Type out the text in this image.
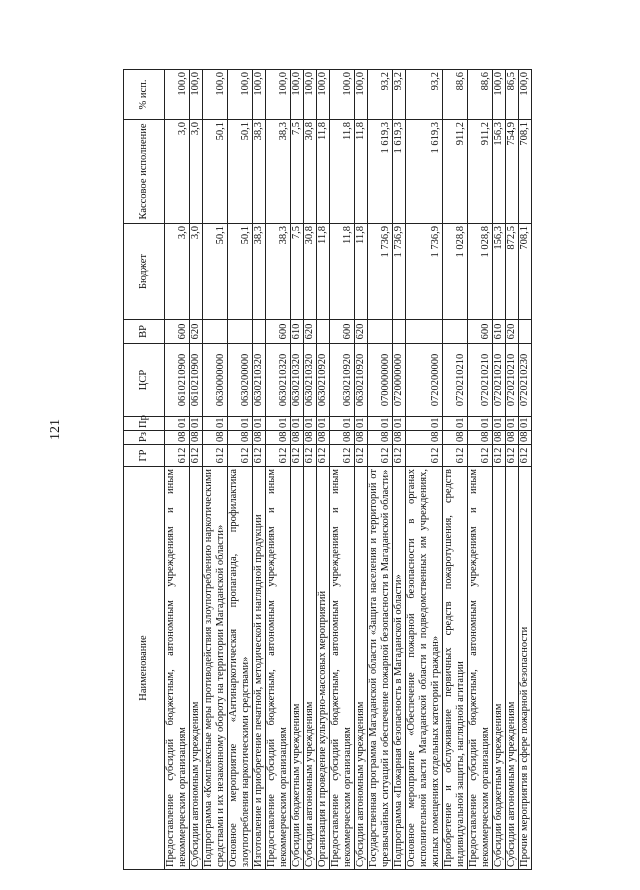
121
Наименование	ГР	Рз	Пр	ЦСР	ВР	Бюджет	Кассовое исполнение	% исп.
Предоставление субсидий бюджетным, автономным учреждениям и иным некоммерческим организациям	612	08	01	0610210900	600	3,0	3,0	100,0
Субсидии автономным учреждениям	612	08	01	0610210900	620	3,0	3,0	100,0
Подпрограмма «Комплексные меры противодействия злоупотреблению наркотическими средствами и их незаконному обороту на территории Магаданской области»	612	08	01	0630000000		50,1	50,1	100,0
Основное мероприятие «Антинаркотическая пропаганда, профилактика злоупотребления наркотическими средствами»	612	08	01	0630200000		50,1	50,1	100,0
Изготовление и приобретение печатной, методической и наглядной продукции	612	08	01	0630210320		38,3	38,3	100,0
Предоставление субсидий бюджетным, автономным учреждениям и иным некоммерческим организациям	612	08	01	0630210320	600	38,3	38,3	100,0
Субсидии бюджетным учреждениям	612	08	01	0630210320	610	7,5	7,5	100,0
Субсидии автономным учреждениям	612	08	01	0630210320	620	30,8	30,8	100,0
Организация и проведение культурно-массовых мероприятий	612	08	01	0630210920		11,8	11,8	100,0
Предоставление субсидий бюджетным, автономным учреждениям и иным некоммерческим организациям	612	08	01	0630210920	600	11,8	11,8	100,0
Субсидии автономным учреждениям	612	08	01	0630210920	620	11,8	11,8	100,0
Государственная программа Магаданской области «Защита населения и территорий от чрезвычайных ситуаций и обеспечение пожарной безопасности в Магаданской области»	612	08	01	0700000000		1 736,9	1 619,3	93,2
Подпрограмма «Пожарная безопасность в Магаданской области»	612	08	01	0720000000		1 736,9	1 619,3	93,2
Основное мероприятие «Обеспечение пожарной безопасности в органах исполнительной власти Магаданской области и подведомственных им учреждениях, жилых помещениях отдельных категорий граждан»	612	08	01	0720200000		1 736,9	1 619,3	93,2
Приобретение и обслуживание первичных средств пожаротушения, средств индивидуальной защиты, наглядной агитации	612	08	01	0720210210		1 028,8	911,2	88,6
Предоставление субсидий бюджетным, автономным учреждениям и иным некоммерческим организациям	612	08	01	0720210210	600	1 028,8	911,2	88,6
Субсидии бюджетным учреждениям	612	08	01	0720210210	610	156,3	156,3	100,0
Субсидии автономным учреждениям	612	08	01	0720210210	620	872,5	754,9	86,5
Прочие мероприятия в сфере пожарной безопасности	612	08	01	0720210230		708,1	708,1	100,0
